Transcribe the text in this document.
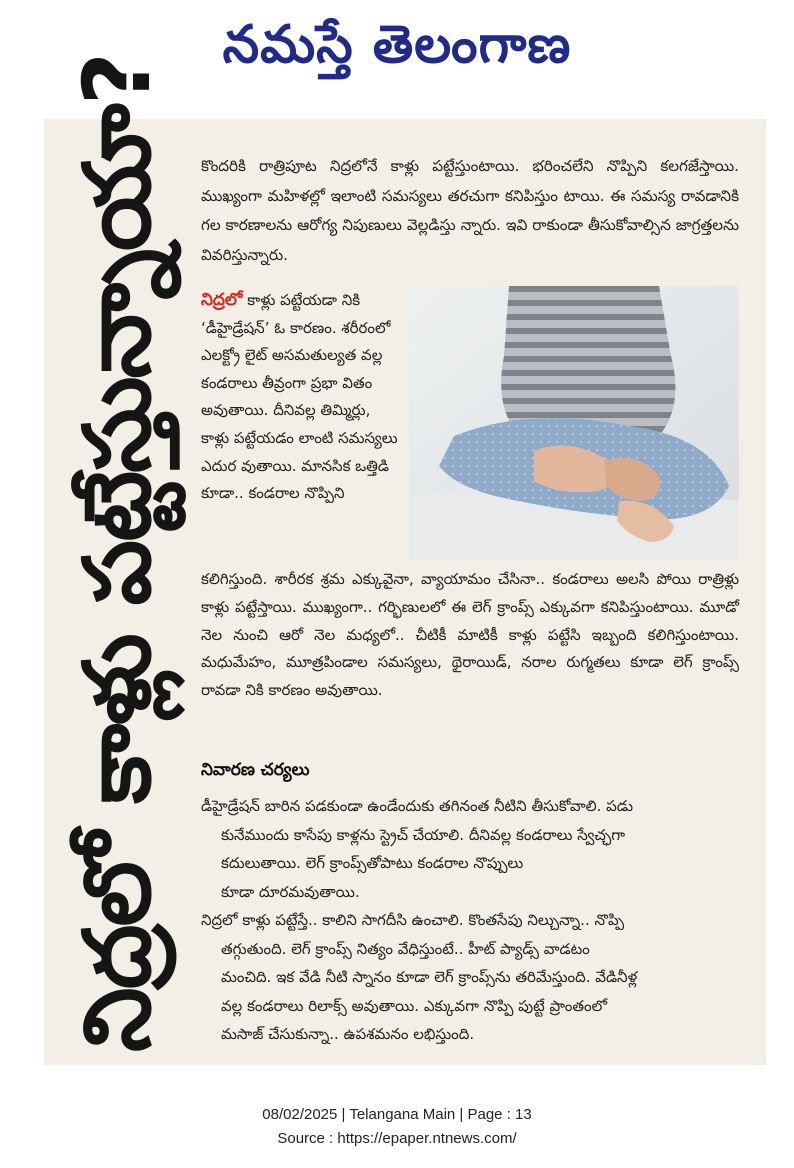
నమస్తే తెలంగాణ
నిద్రలో కాళ్లు పట్టేస్తున్నాయా?	కొందరికి రాత్రిపూట నిద్రలోనే కాళ్లు పట్టేస్తుంటాయి. భరించలేని నొప్పిని కలగజేస్తాయి. ముఖ్యంగా మహిళల్లో ఇలాంటి సమస్యలు తరచుగా కనిపిస్తుం టాయి. ఈ సమస్య రావడానికి గల కారణాలను ఆరోగ్య నిపుణులు వెల్లడిస్తు న్నారు. ఇవి రాకుండా తీసుకోవాల్సిన జాగ్రత్తలను వివరిస్తున్నారు.
నిద్రలో కాళ్లు పట్టేయడా నికి ‘డీహైడ్రేషన్’ ఓ కారణం. శరీరంలో ఎలక్ట్రో లైట్ అసమతుల్యత వల్ల కండరాలు తీవ్రంగా ప్రభా వితం అవుతాయి. దీనివల్ల తిమ్మిర్లు, కాళ్లు పట్టేయడం లాంటి సమస్యలు ఎదుర వుతాయి. మానసిక ఒత్తిడి కూడా.. కండరాల నొప్పిని
కలిగిస్తుంది. శారీరక శ్రమ ఎక్కువైనా, వ్యాయామం చేసినా.. కండరాలు అలసి పోయి రాత్రిళ్లు కాళ్లు పట్టేస్తాయి. ముఖ్యంగా.. గర్భిణులలో ఈ లెగ్ క్రాంప్స్ ఎక్కువగా కనిపిస్తుంటాయి. మూడో నెల నుంచి ఆరో నెల మధ్యలో.. చీటికీ మాటికీ కాళ్లు పట్టేసి ఇబ్బంది కలిగిస్తుంటాయి. మధుమేహం, మూత్రపిండాల సమస్యలు, థైరాయిడ్, నరాల రుగ్మతలు కూడా లెగ్ క్రాంప్స్ రావడా నికి కారణం అవుతాయి.
నివారణ చర్యలు
డీహైడ్రేషన్ బారిన పడకుండా ఉండేందుకు తగినంత నీటిని తీసుకోవాలి. పడు
కునేముందు కాసేపు కాళ్లను స్ట్రెచ్ చేయాలి. దీనివల్ల కండరాలు స్వేచ్ఛగా
కదులుతాయి. లెగ్ క్రాంప్స్‌తోపాటు కండరాల నొప్పులు
కూడా దూరమవుతాయి.
నిద్రలో కాళ్లు పట్టేస్తే.. కాలిని సాగదీసి ఉంచాలి. కొంతసేపు నిల్చున్నా.. నొప్పి
తగ్గుతుంది. లెగ్ క్రాంప్స్ నిత్యం వేధిస్తుంటే.. హీట్ ప్యాడ్స్ వాడటం
మంచిది. ఇక వేడి నీటి స్నానం కూడా లెగ్ క్రాంప్స్‌ను తరిమేస్తుంది. వేడినీళ్ల
వల్ల కండరాలు రిలాక్స్ అవుతాయి. ఎక్కువగా నొప్పి పుట్టే ప్రాంతంలో
మసాజ్ చేసుకున్నా.. ఉపశమనం లభిస్తుంది.
08/02/2025 | Telangana Main | Page : 13
Source : https://epaper.ntnews.com/
